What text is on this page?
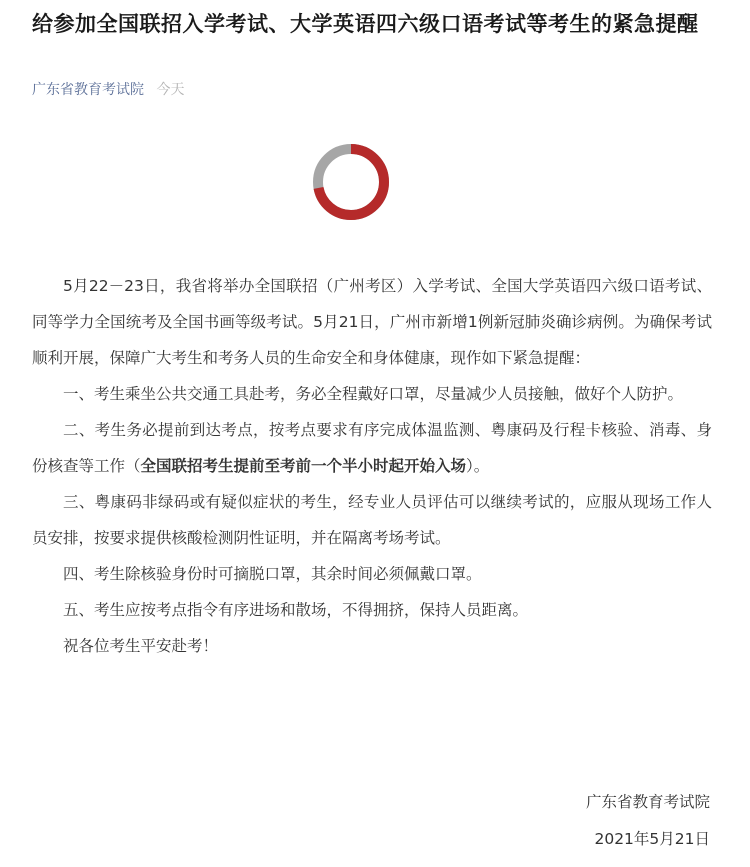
给参加全国联招入学考试、大学英语四六级口语考试等考生的紧急提醒
广东省教育考试院 今天

5月22－23日，我省将举办全国联招（广州考区）入学考试、全国大学英语四六级口语考试、同等学力全国统考及全国书画等级考试。5月21日，广州市新增1例新冠肺炎确诊病例。为确保考试顺利开展，保障广大考生和考务人员的生命安全和身体健康，现作如下紧急提醒：

一、考生乘坐公共交通工具赴考，务必全程戴好口罩，尽量减少人员接触，做好个人防护。

二、考生务必提前到达考点，按考点要求有序完成体温监测、粤康码及行程卡核验、消毒、身份核查等工作（全国联招考生提前至考前一个半小时起开始入场）。

三、粤康码非绿码或有疑似症状的考生，经专业人员评估可以继续考试的，应服从现场工作人员安排，按要求提供核酸检测阴性证明，并在隔离考场考试。

四、考生除核验身份时可摘脱口罩，其余时间必须佩戴口罩。

五、考生应按考点指令有序进场和散场，不得拥挤，保持人员距离。

祝各位考生平安赴考！

广东省教育考试院
2021年5月21日
